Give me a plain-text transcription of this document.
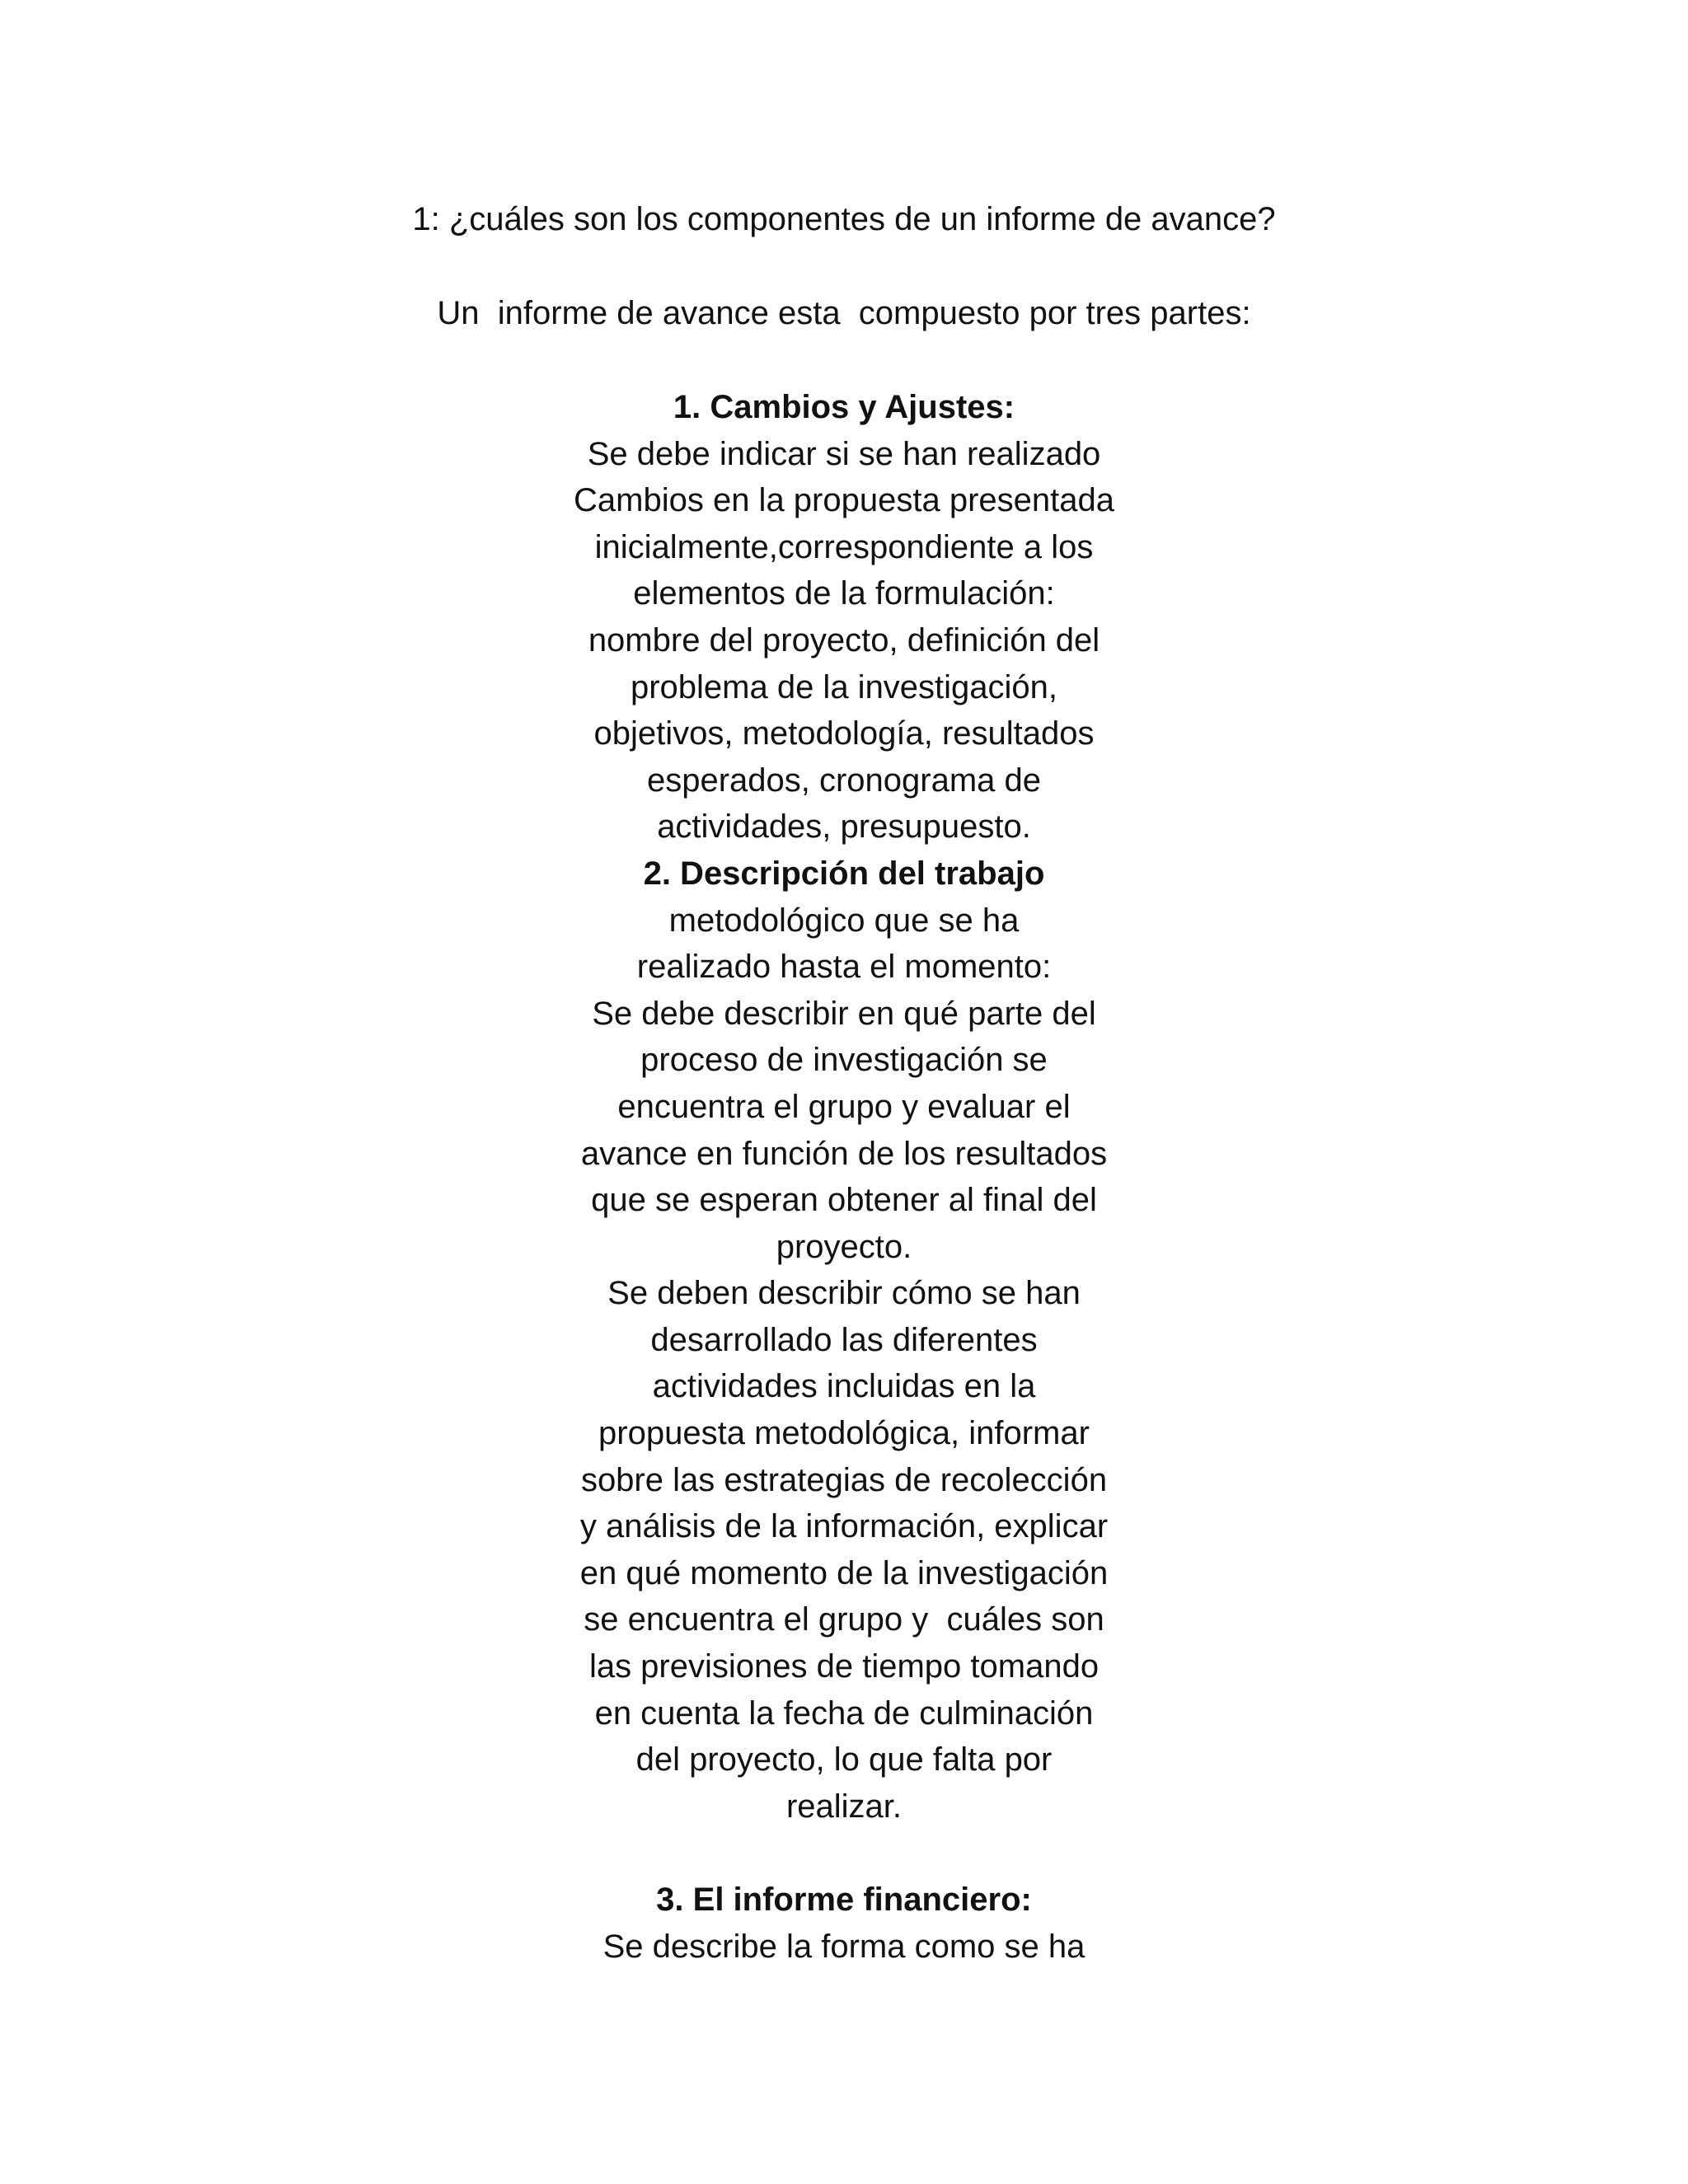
1: ¿cuáles son los componentes de un informe de avance?
Un  informe de avance esta  compuesto por tres partes:
1. Cambios y Ajustes:
Se debe indicar si se han realizado
Cambios en la propuesta presentada
inicialmente,correspondiente a los
elementos de la formulación:
nombre del proyecto, definición del
problema de la investigación,
objetivos, metodología, resultados
esperados, cronograma de
actividades, presupuesto.
2. Descripción del trabajo
metodológico que se ha
realizado hasta el momento:
Se debe describir en qué parte del
proceso de investigación se
encuentra el grupo y evaluar el
avance en función de los resultados
que se esperan obtener al final del
proyecto.
Se deben describir cómo se han
desarrollado las diferentes
actividades incluidas en la
propuesta metodológica, informar
sobre las estrategias de recolección
y análisis de la información, explicar
en qué momento de la investigación
se encuentra el grupo y  cuáles son
las previsiones de tiempo tomando
en cuenta la fecha de culminación
del proyecto, lo que falta por
realizar.
3. El informe financiero:
Se describe la forma como se ha
